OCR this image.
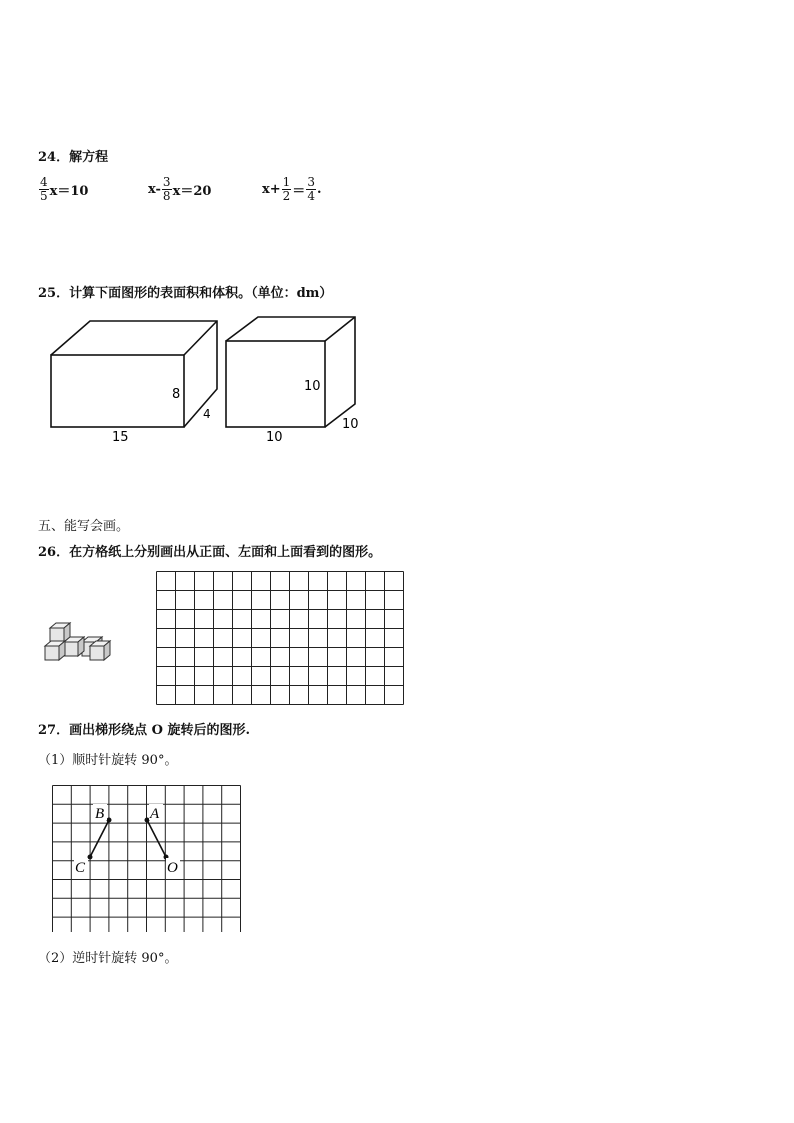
24．解方程
$\frac{4}{5} x=10$	$x- \frac{3}{8} x=20$	$x+ \frac{1}{2} = \frac{3}{4}$ .
25．计算下面图形的表面积和体积。（单位：dm）
8
4
15
10
10
10
五、能写会画。
26．在方格纸上分别画出从正面、左面和上面看到的图形。
27．画出梯形绕点 O 旋转后的图形.
（1）顺时针旋转 90°。
B	A
C	O
（2）逆时针旋转 90°。
